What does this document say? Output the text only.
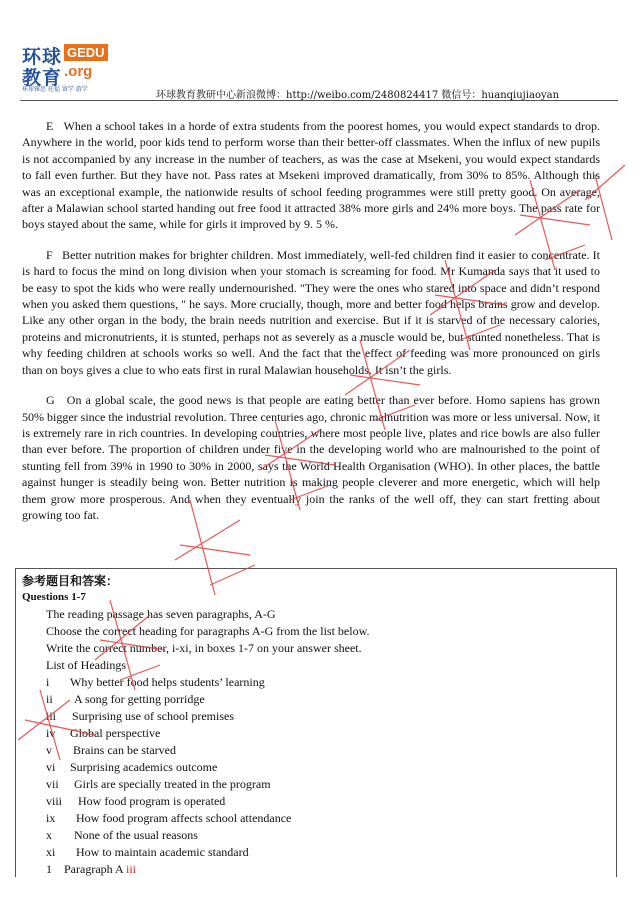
环球
教育
GEDU
.org
环球雅思 托福 留学 游学
环球教育教研中心新浪微博：http://weibo.com/2480824417 微信号：huanqiujiaoyan

E When a school takes in a horde of extra students from the poorest homes, you would expect standards to drop. Anywhere in the world, poor kids tend to perform worse than their better-off classmates. When the influx of new pupils is not accompanied by any increase in the number of teachers, as was the case at Msekeni, you would expect standards to fall even further. But they have not. Pass rates at Msekeni improved dramatically, from 30% to 85%. Although this was an exceptional example, the nationwide results of school feeding programmes were still pretty good. On average, after a Malawian school started handing out free food it attracted 38% more girls and 24% more boys. The pass rate for boys stayed about the same, while for girls it improved by 9. 5 %.

F Better nutrition makes for brighter children. Most immediately, well-fed children find it easier to concentrate. It is hard to focus the mind on long division when your stomach is screaming for food. Mr Kumanda says that it used to be easy to spot the kids who were really undernourished. "They were the ones who stared into space and didn’t respond when you asked them questions, " he says. More crucially, though, more and better food helps brains grow and develop. Like any other organ in the body, the brain needs nutrition and exercise. But if it is starved of the necessary calories, proteins and micronutrients, it is stunted, perhaps not as severely as a muscle would be, but stunted nonetheless. That is why feeding children at schools works so well. And the fact that the effect of feeding was more pronounced on girls than on boys gives a clue to who eats first in rural Malawian households. It isn’t the girls.

G On a global scale, the good news is that people are eating better than ever before. Homo sapiens has grown 50% bigger since the industrial revolution. Three centuries ago, chronic malnutrition was more or less universal. Now, it is extremely rare in rich countries. In developing countries, where most people live, plates and rice bowls are also fuller than ever before. The proportion of children under five in the developing world who are malnourished to the point of stunting fell from 39% in 1990 to 30% in 2000, says the World Health Organisation (WHO). In other places, the battle against hunger is steadily being won. Better nutrition is making people cleverer and more energetic, which will help them grow more prosperous. And when they eventually join the ranks of the well off, they can start fretting about growing too fat.

参考题目和答案：
Questions 1-7
The reading passage has seven paragraphs, A-G
Choose the correct heading for paragraphs A-G from the list below.
Write the correct number, i-xi, in boxes 1-7 on your answer sheet.
List of Headings
i Why better food helps students’ learning
ii A song for getting porridge
iii Surprising use of school premises
iv Global perspective
v Brains can be starved
vi Surprising academics outcome
vii Girls are specially treated in the program
viii How food program is operated
ix How food program affects school attendance
x None of the usual reasons
xi How to maintain academic standard
1    Paragraph A iii
